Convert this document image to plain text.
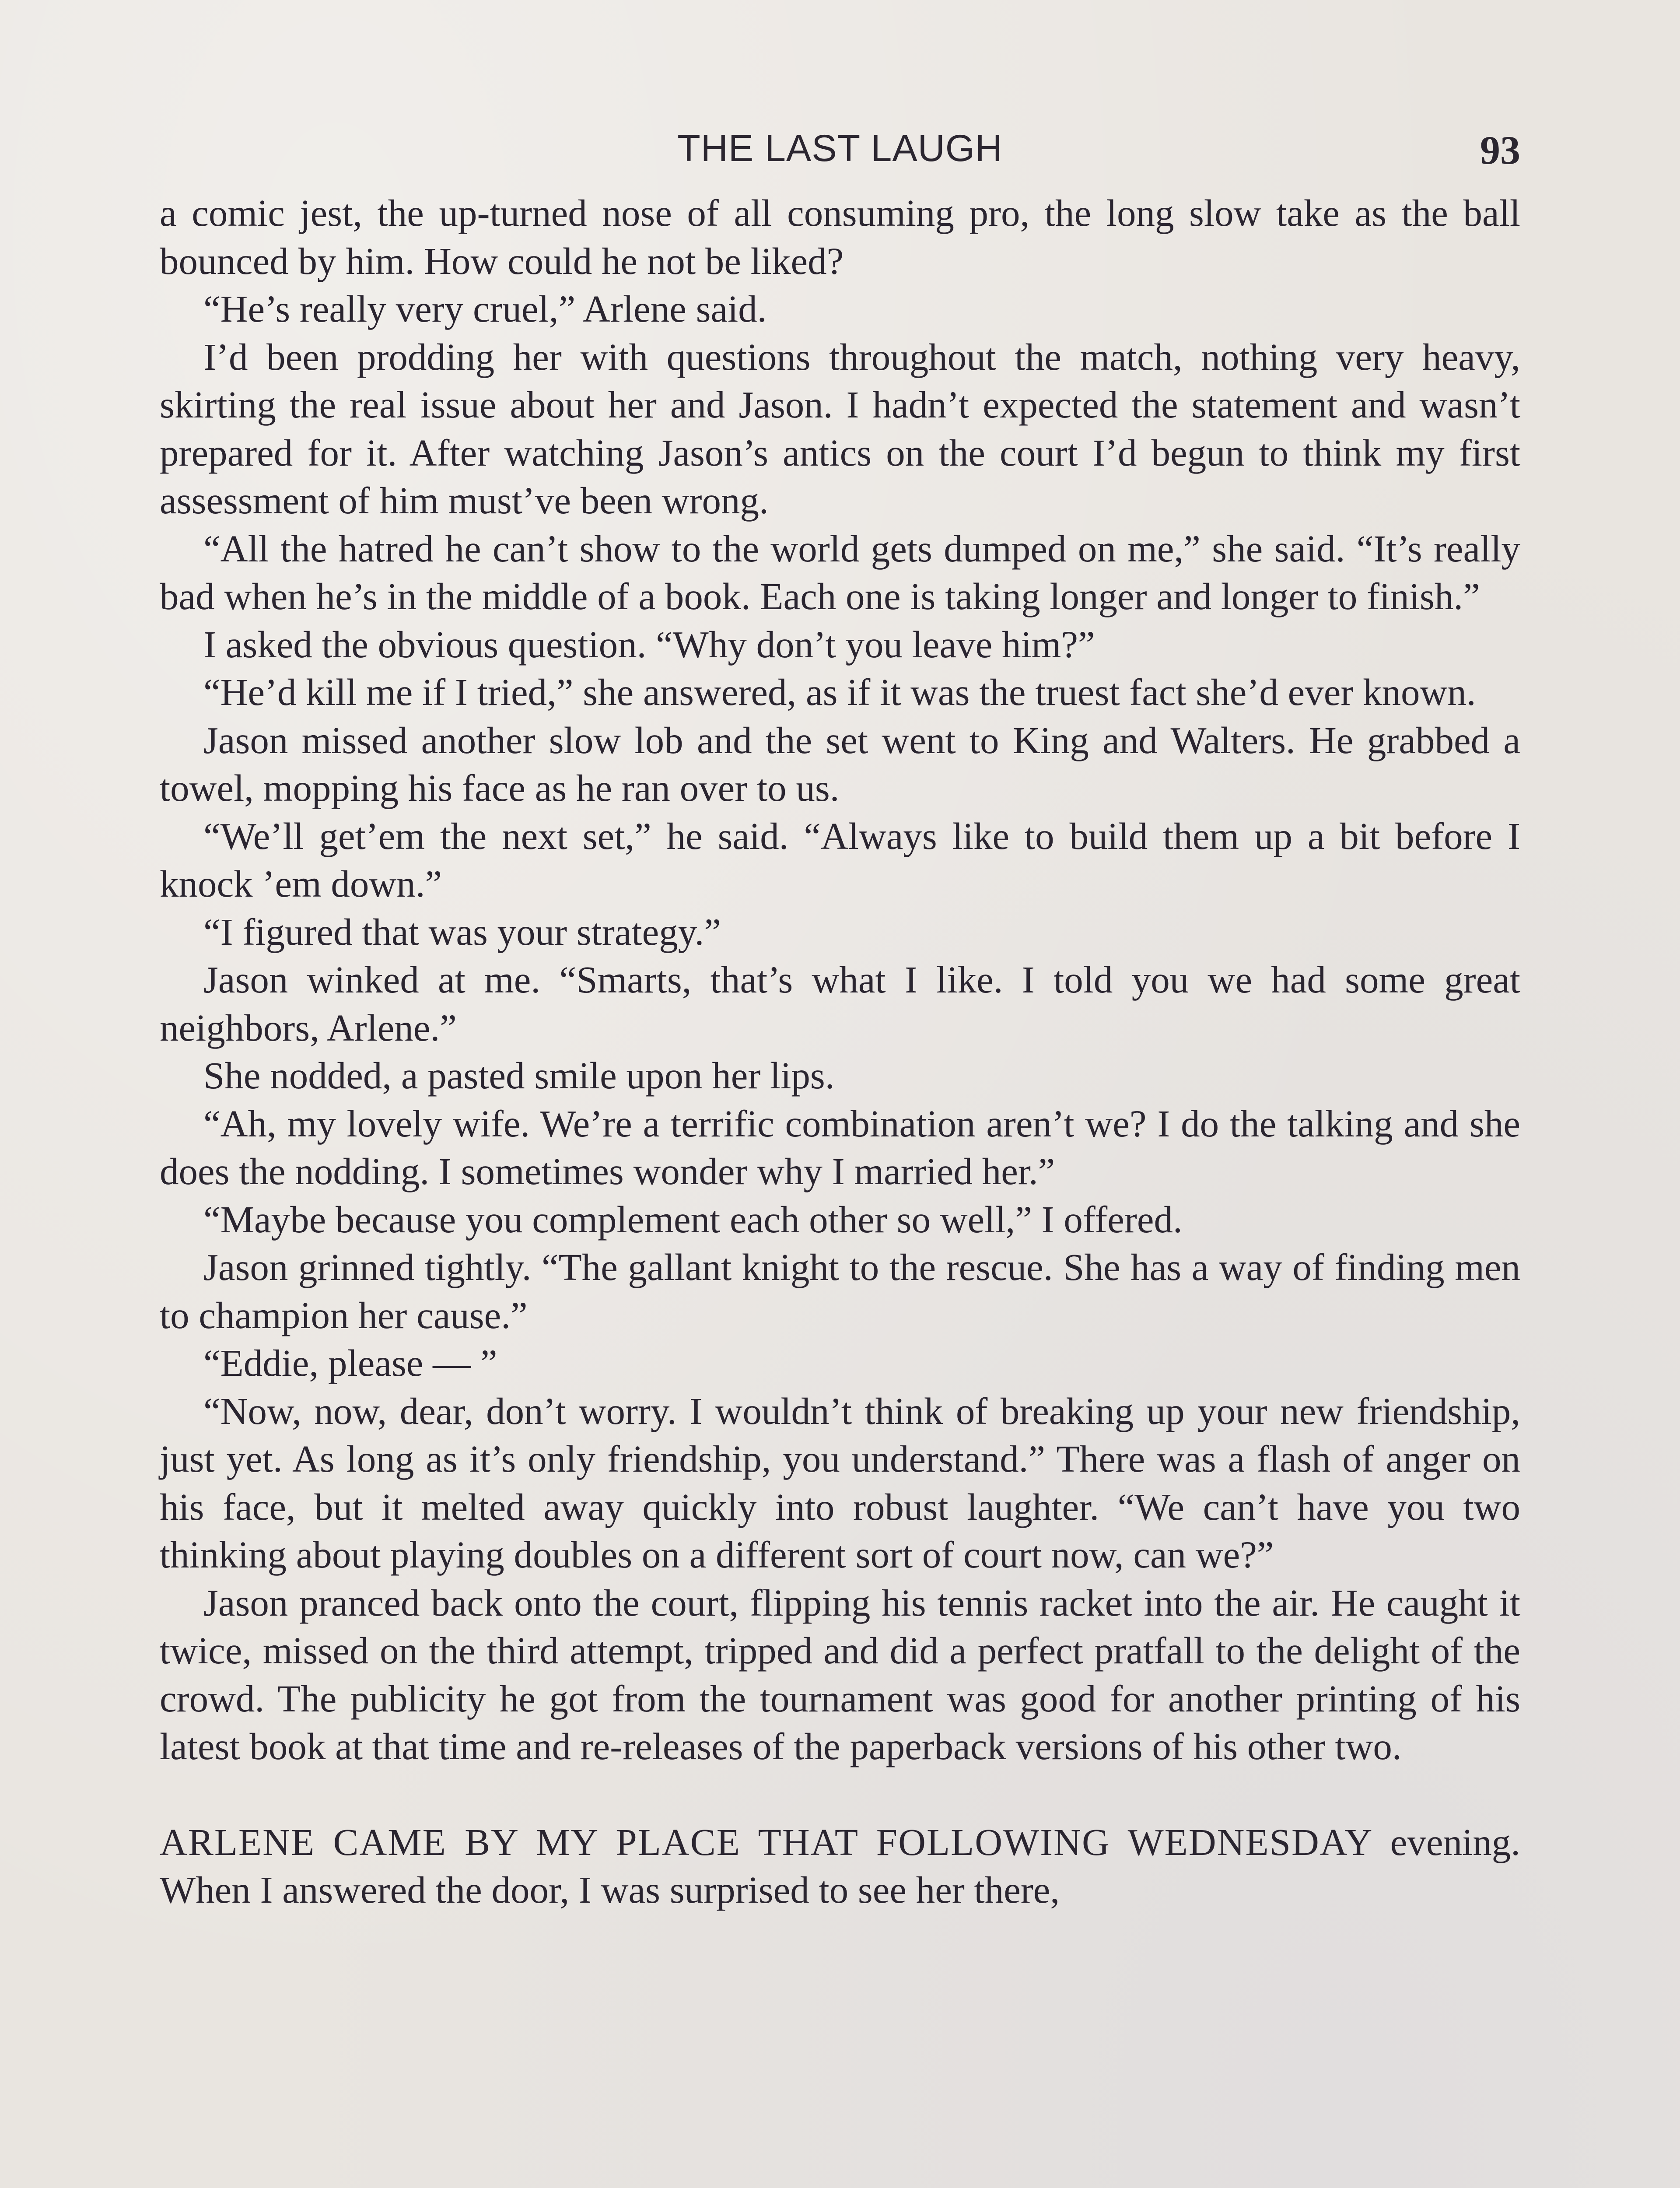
THE LAST LAUGH	93

a comic jest, the up-turned nose of all consuming pro, the long slow take as the ball bounced by him. How could he not be liked?

“He’s really very cruel,” Arlene said.

I’d been prodding her with questions throughout the match, nothing very heavy, skirting the real issue about her and Jason. I hadn’t expected the statement and wasn’t prepared for it. After watching Jason’s antics on the court I’d begun to think my first assessment of him must’ve been wrong.

“All the hatred he can’t show to the world gets dumped on me,” she said. “It’s really bad when he’s in the middle of a book. Each one is taking longer and longer to finish.”

I asked the obvious question. “Why don’t you leave him?”

“He’d kill me if I tried,” she answered, as if it was the truest fact she’d ever known.

Jason missed another slow lob and the set went to King and Walters. He grabbed a towel, mopping his face as he ran over to us.

“We’ll get’em the next set,” he said. “Always like to build them up a bit before I knock ’em down.”

“I figured that was your strategy.”

Jason winked at me. “Smarts, that’s what I like. I told you we had some great neighbors, Arlene.”

She nodded, a pasted smile upon her lips.

“Ah, my lovely wife. We’re a terrific combination aren’t we? I do the talking and she does the nodding. I sometimes wonder why I married her.”

“Maybe because you complement each other so well,” I offered.

Jason grinned tightly. “The gallant knight to the rescue. She has a way of finding men to champion her cause.”

“Eddie, please — ”

“Now, now, dear, don’t worry. I wouldn’t think of breaking up your new friendship, just yet. As long as it’s only friendship, you understand.” There was a flash of anger on his face, but it melted away quickly into robust laughter. “We can’t have you two thinking about playing doubles on a different sort of court now, can we?”

Jason pranced back onto the court, flipping his tennis racket into the air. He caught it twice, missed on the third attempt, tripped and did a perfect pratfall to the delight of the crowd. The publicity he got from the tournament was good for another printing of his latest book at that time and re-releases of the paperback versions of his other two.

ARLENE CAME BY MY PLACE THAT FOLLOWING WEDNESDAY evening. When I answered the door, I was surprised to see her there,
